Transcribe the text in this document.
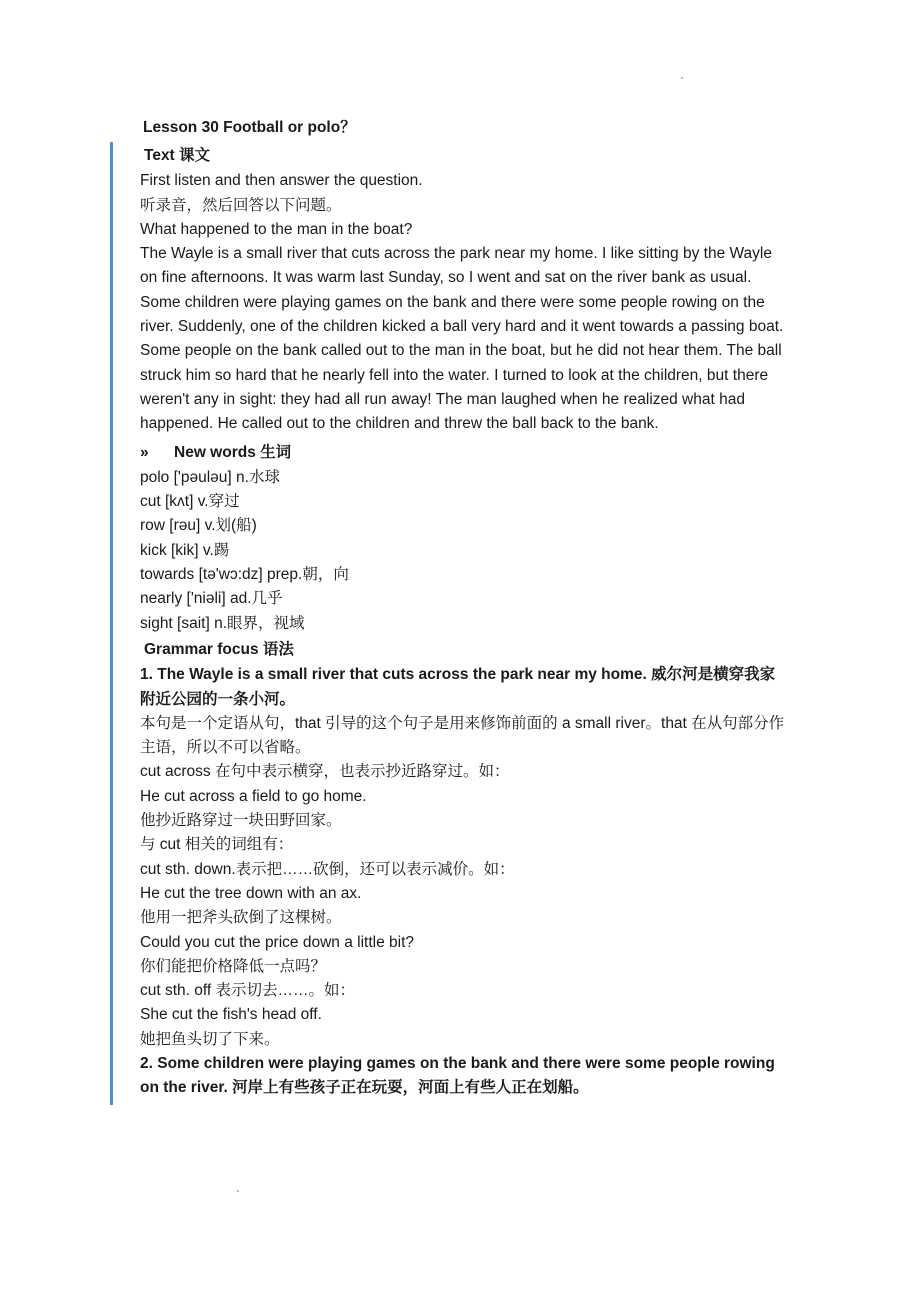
Lesson 30 Football or polo？
Text 课文
First listen and then answer the question.
听录音，然后回答以下问题。
What happened to the man in the boat?
The Wayle is a small river that cuts across the park near my home. I like sitting by the Wayle on fine afternoons. It was warm last Sunday, so I went and sat on the river bank as usual. Some children were playing games on the bank and there were some people rowing on the river. Suddenly, one of the children kicked a ball very hard and it went towards a passing boat. Some people on the bank called out to the man in the boat, but he did not hear them. The ball struck him so hard that he nearly fell into the water. I turned to look at the children, but there weren't any in sight: they had all run away! The man laughed when he realized what had happened. He called out to the children and threw the ball back to the bank.
» New words 生词
polo ['pəuləu] n.水球
cut [kʌt] v.穿过
row [rəu] v.划(船)
kick [kik] v.踢
towards [tə'wɔ:dz] prep.朝，向
nearly ['niəli] ad.几乎
sight [sait] n.眼界，视域
Grammar focus 语法
1. The Wayle is a small river that cuts across the park near my home. 威尔河是横穿我家附近公园的一条小河。
本句是一个定语从句，that 引导的这个句子是用来修饰前面的 a small river。that 在从句部分作主语，所以不可以省略。
cut across 在句中表示横穿，也表示抄近路穿过。如：
He cut across a field to go home.
他抄近路穿过一块田野回家。
与 cut 相关的词组有：
cut sth. down.表示把……砍倒，还可以表示减价。如：
He cut the tree down with an ax.
他用一把斧头砍倒了这棵树。
Could you cut the price down a little bit?
你们能把价格降低一点吗？
cut sth. off 表示切去……。如：
She cut the fish's head off.
她把鱼头切了下来。
2. Some children were playing games on the bank and there were some people rowing on the river. 河岸上有些孩子正在玩耍，河面上有些人正在划船。
